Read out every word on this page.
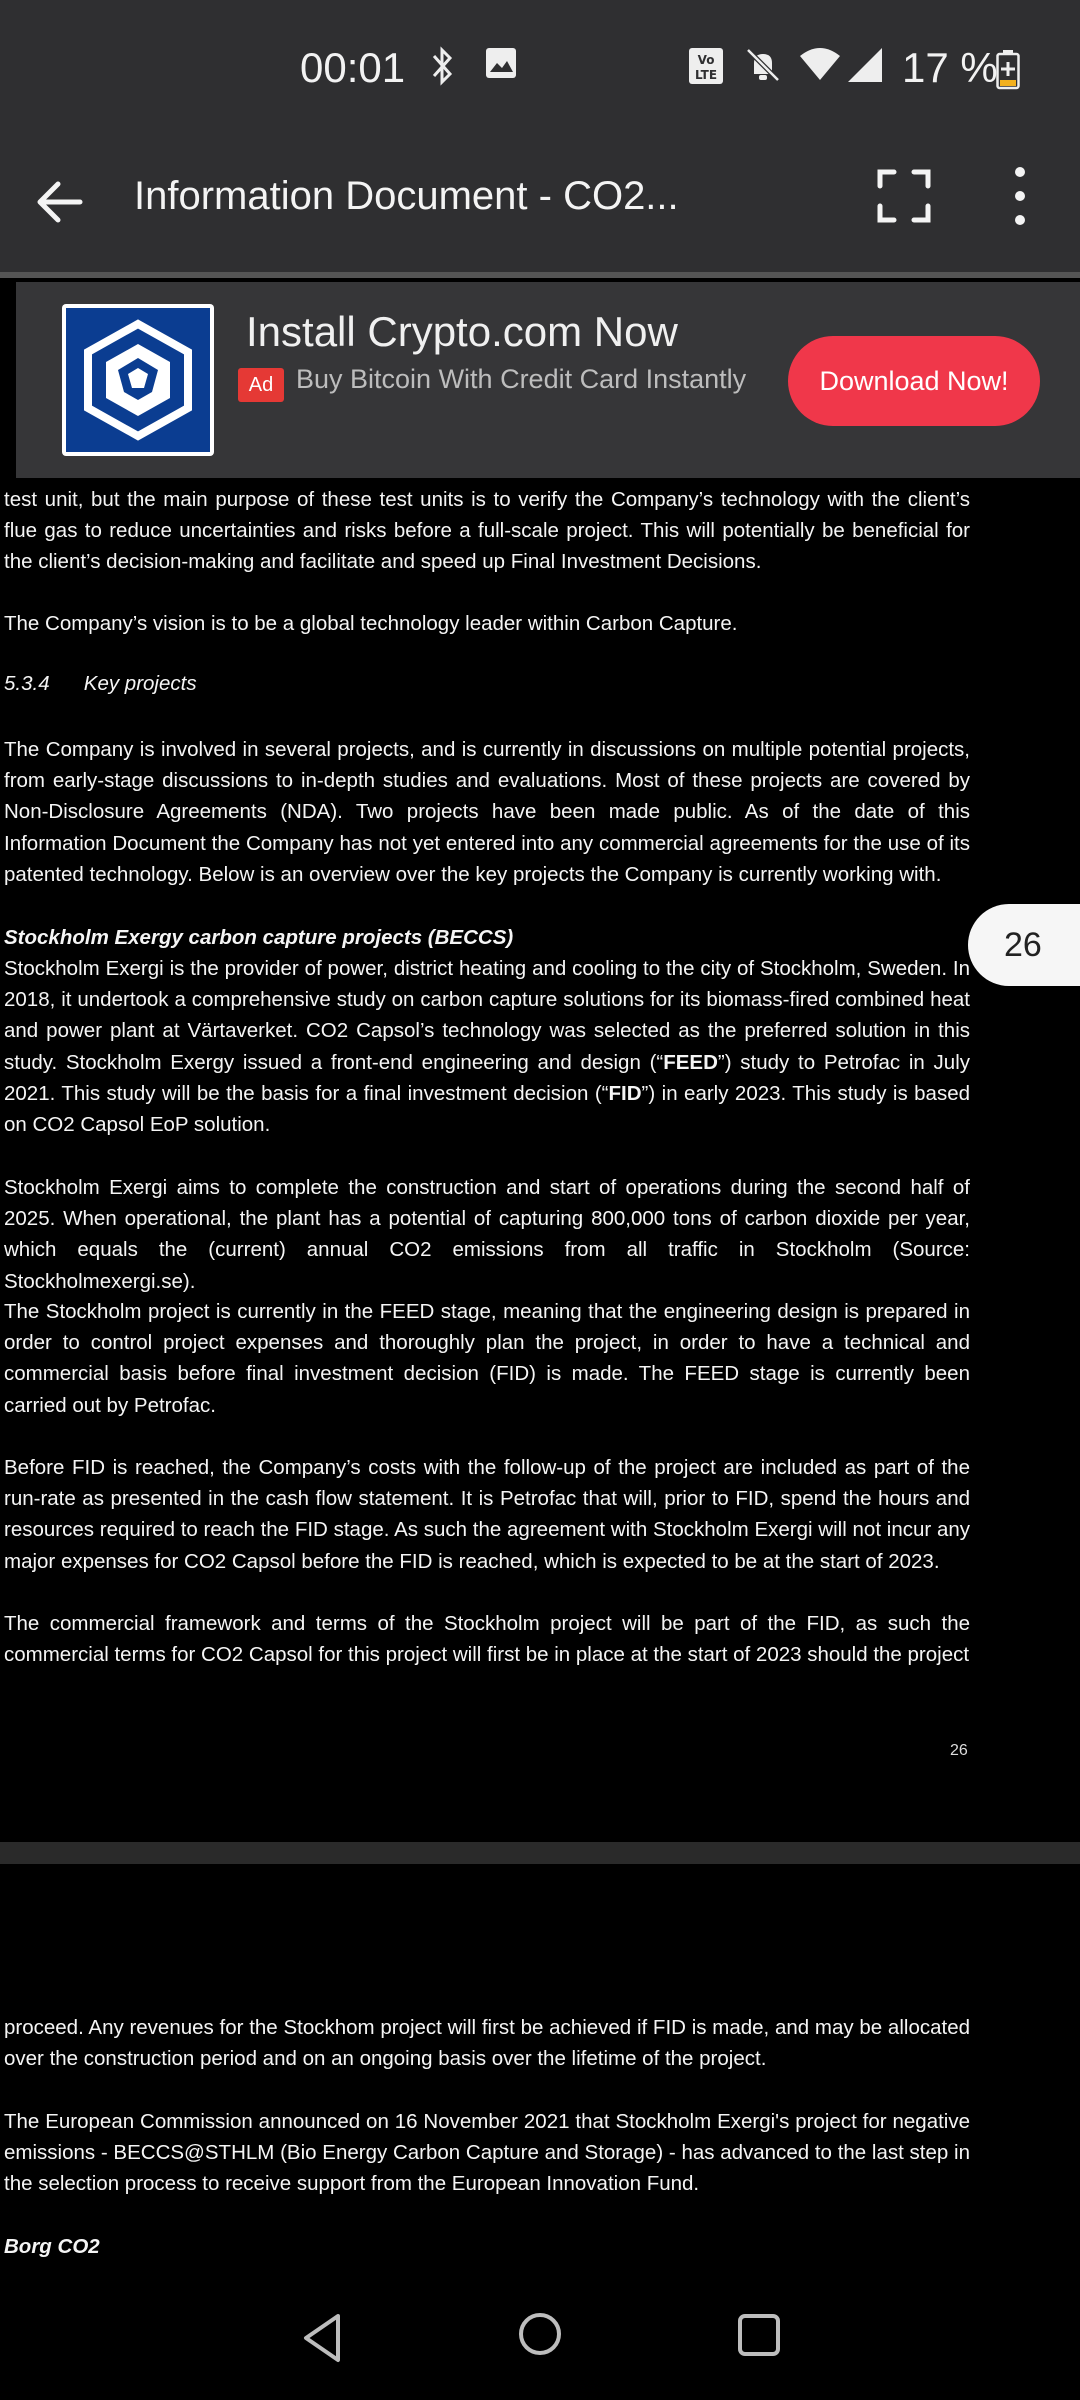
00:01	Vo
LTE	17 %
Information Document - CO2...
Install Crypto.com Now
Ad Buy Bitcoin With Credit Card Instantly	Download Now!
test unit, but the main purpose of these test units is to verify the Company’s technology with the client’s flue gas to reduce uncertainties and risks before a full-scale project. This will potentially be beneficial for the client’s decision-making and facilitate and speed up Final Investment Decisions.
The Company’s vision is to be a global technology leader within Carbon Capture.
5.3.4      Key projects
The Company is involved in several projects, and is currently in discussions on multiple potential projects, from early-stage discussions to in-depth studies and evaluations. Most of these projects are covered by Non-Disclosure Agreements (NDA). Two projects have been made public. As of the date of this Information Document the Company has not yet entered into any commercial agreements for the use of its patented technology. Below is an overview over the key projects the Company is currently working with.
Stockholm Exergy carbon capture projects (BECCS)
Stockholm Exergi is the provider of power, district heating and cooling to the city of Stockholm, Sweden. In 2018, it undertook a comprehensive study on carbon capture solutions for its biomass-fired combined heat and power plant at Värtaverket. CO2 Capsol’s technology was selected as the preferred solution in this study. Stockholm Exergy issued a front-end engineering and design (“FEED”) study to Petrofac in July 2021. This study will be the basis for a final investment decision (“FID”) in early 2023. This study is based on CO2 Capsol EoP solution.
Stockholm Exergi aims to complete the construction and start of operations during the second half of 2025. When operational, the plant has a potential of capturing 800,000 tons of carbon dioxide per year, which equals the (current) annual CO2 emissions from all traffic in Stockholm (Source: Stockholmexergi.se).
The Stockholm project is currently in the FEED stage, meaning that the engineering design is prepared in order to control project expenses and thoroughly plan the project, in order to have a technical and commercial basis before final investment decision (FID) is made. The FEED stage is currently been carried out by Petrofac.
Before FID is reached, the Company’s costs with the follow-up of the project are included as part of the run-rate as presented in the cash flow statement. It is Petrofac that will, prior to FID, spend the hours and resources required to reach the FID stage. As such the agreement with Stockholm Exergi will not incur any major expenses for CO2 Capsol before the FID is reached, which is expected to be at the start of 2023.
The commercial framework and terms of the Stockholm project will be part of the FID, as such the commercial terms for CO2 Capsol for this project will first be in place at the start of 2023 should the project
26
proceed. Any revenues for the Stockhom project will first be achieved if FID is made, and may be allocated over the construction period and on an ongoing basis over the lifetime of the project.
The European Commission announced on 16 November 2021 that Stockholm Exergi's project for negative emissions - BECCS@STHLM (Bio Energy Carbon Capture and Storage) - has advanced to the last step in the selection process to receive support from the European Innovation Fund.
Borg CO2
26
